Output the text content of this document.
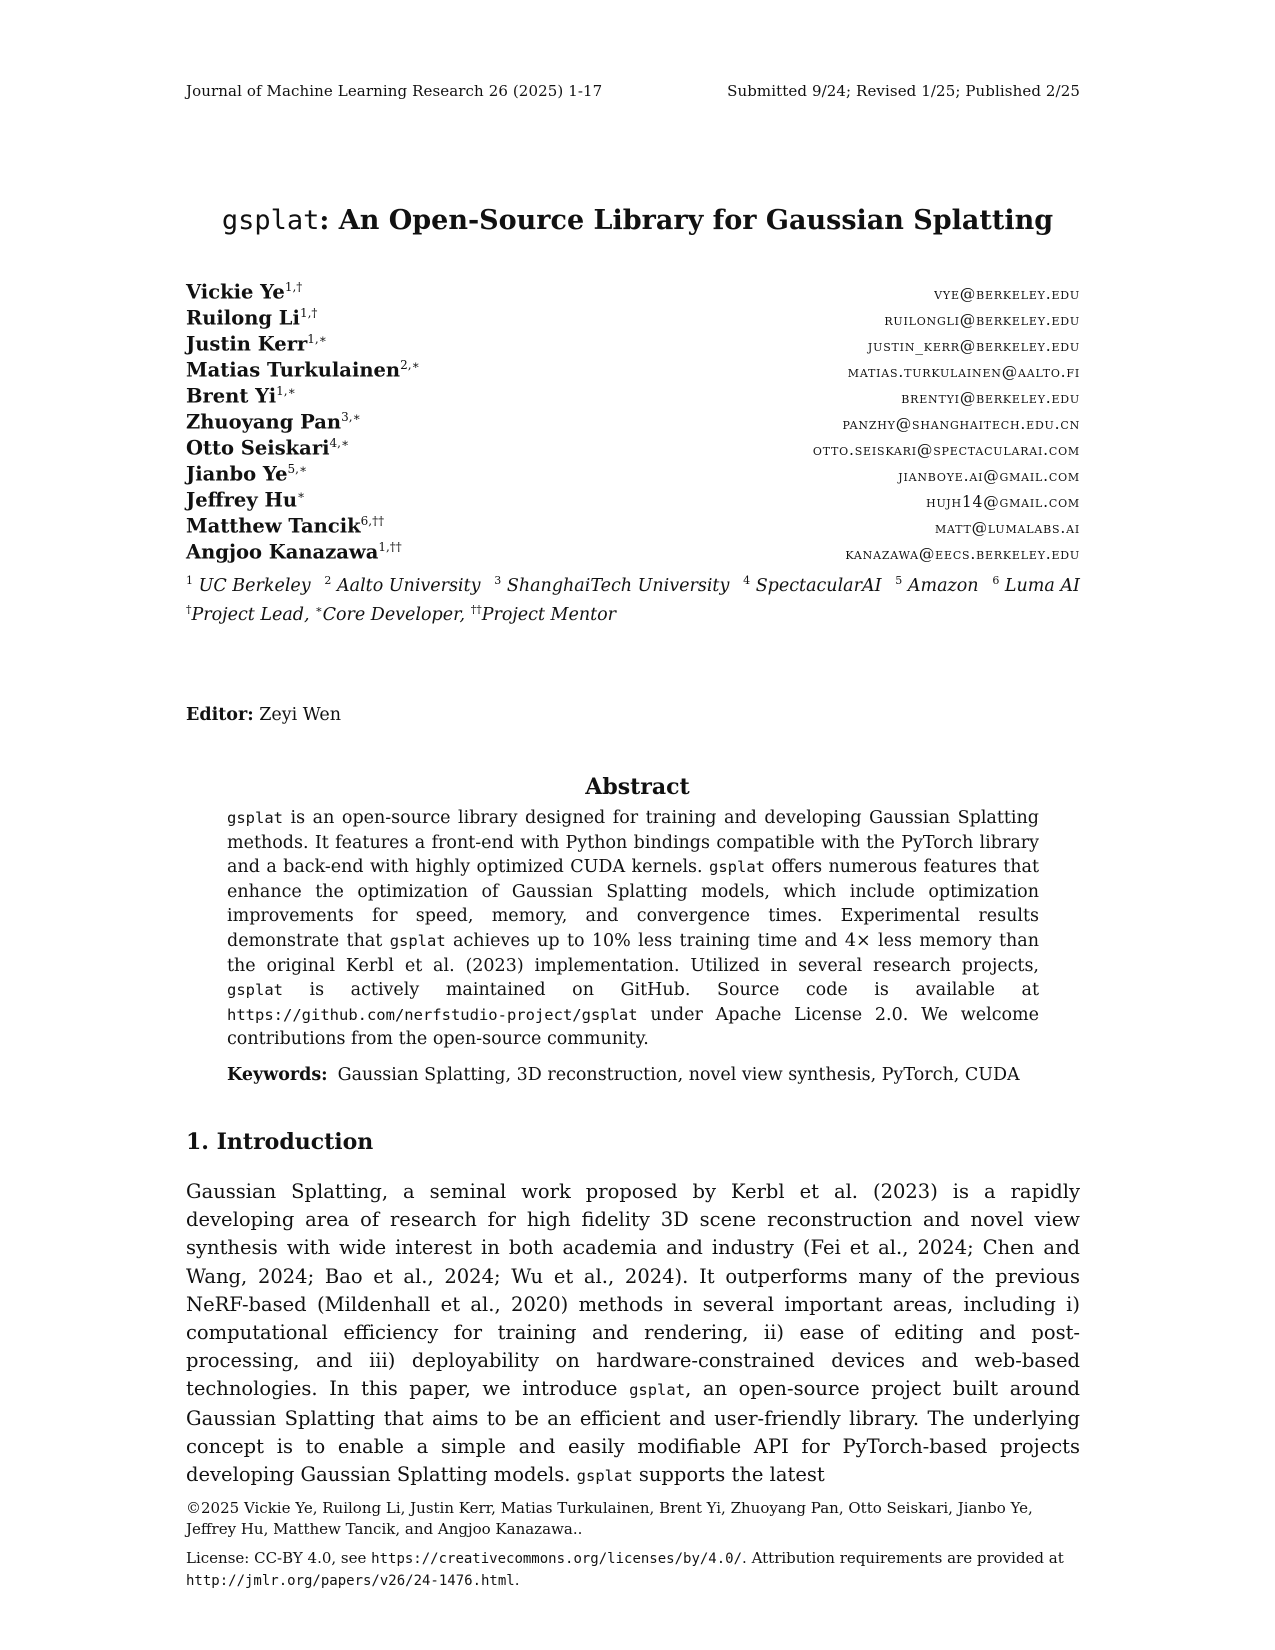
Journal of Machine Learning Research 26 (2025) 1-17	Submitted 9/24; Revised 1/25; Published 2/25
gsplat: An Open-Source Library for Gaussian Splatting
Vickie $Ye^{1,\dagger}$	vye@berkeley.edu
Ruilong $Li^{1,\dagger}$	ruilongli@berkeley.edu
Justin Kerr$^{1,∗}$	justin_kerr@berkeley.edu
Matias Turkulainen$^{2,∗}$	matias.turkulainen@aalto.fi
Brent $Yi^{1,∗}$	brentyi@berkeley.edu
Zhuoyang Pan$^{3,∗}$	panzhy@shanghaitech.edu.cn
Otto Seiskari$^{4,∗}$	otto.seiskari@spectacularai.com
Jianbo $Ye^{5,∗}$	jianboye.ai@gmail.com
Jeffrey Hu∗	hujh14@gmail.com
Matthew Tancik$^{6,\dagger\dagger}$	matt@lumalabs.ai
Angjoo Kanazawa$^{1,\dagger\dagger}$	kanazawa@eecs.berkeley.edu
$^1$ UC Berkeley $^2$ Aalto University $^3$ ShanghaiTech University $^4$ SpectacularAI $^5$ Amazon $^6$ Luma AI
†Project Lead, ∗Core Developer, ††Project Mentor
Editor: Zeyi Wen
Abstract
gsplat is an open-source library designed for training and developing Gaussian Splatting methods. It features a front-end with Python bindings compatible with the PyTorch library and a back-end with highly optimized CUDA kernels. gsplat offers numerous features that enhance the optimization of Gaussian Splatting models, which include optimization improvements for speed, memory, and convergence times. Experimental results demonstrate that gsplat achieves up to 10% less training time and 4× less memory than the original Kerbl et al. (2023) implementation. Utilized in several research projects, gsplat is actively maintained on GitHub. Source code is available at https://github.com/nerfstudio-project/gsplat under Apache License 2.0. We welcome contributions from the open-source community.
Keywords: Gaussian Splatting, 3D reconstruction, novel view synthesis, PyTorch, CUDA
1. Introduction
Gaussian Splatting, a seminal work proposed by Kerbl et al. (2023) is a rapidly developing area of research for high fidelity 3D scene reconstruction and novel view synthesis with wide interest in both academia and industry (Fei et al., 2024; Chen and Wang, 2024; Bao et al., 2024; Wu et al., 2024). It outperforms many of the previous NeRF-based (Mildenhall et al., 2020) methods in several important areas, including i) computational efficiency for training and rendering, ii) ease of editing and post-processing, and iii) deployability on hardware-constrained devices and web-based technologies. In this paper, we introduce gsplat, an open-source project built around Gaussian Splatting that aims to be an efficient and user-friendly library. The underlying concept is to enable a simple and easily modifiable API for PyTorch-based projects developing Gaussian Splatting models. gsplat supports the latest
©2025 Vickie Ye, Ruilong Li, Justin Kerr, Matias Turkulainen, Brent Yi, Zhuoyang Pan, Otto Seiskari, Jianbo Ye, Jeffrey Hu, Matthew Tancik, and Angjoo Kanazawa..
License: CC-BY 4.0, see https://creativecommons.org/licenses/by/4.0/. Attribution requirements are provided at http://jmlr.org/papers/v26/24-1476.html.
